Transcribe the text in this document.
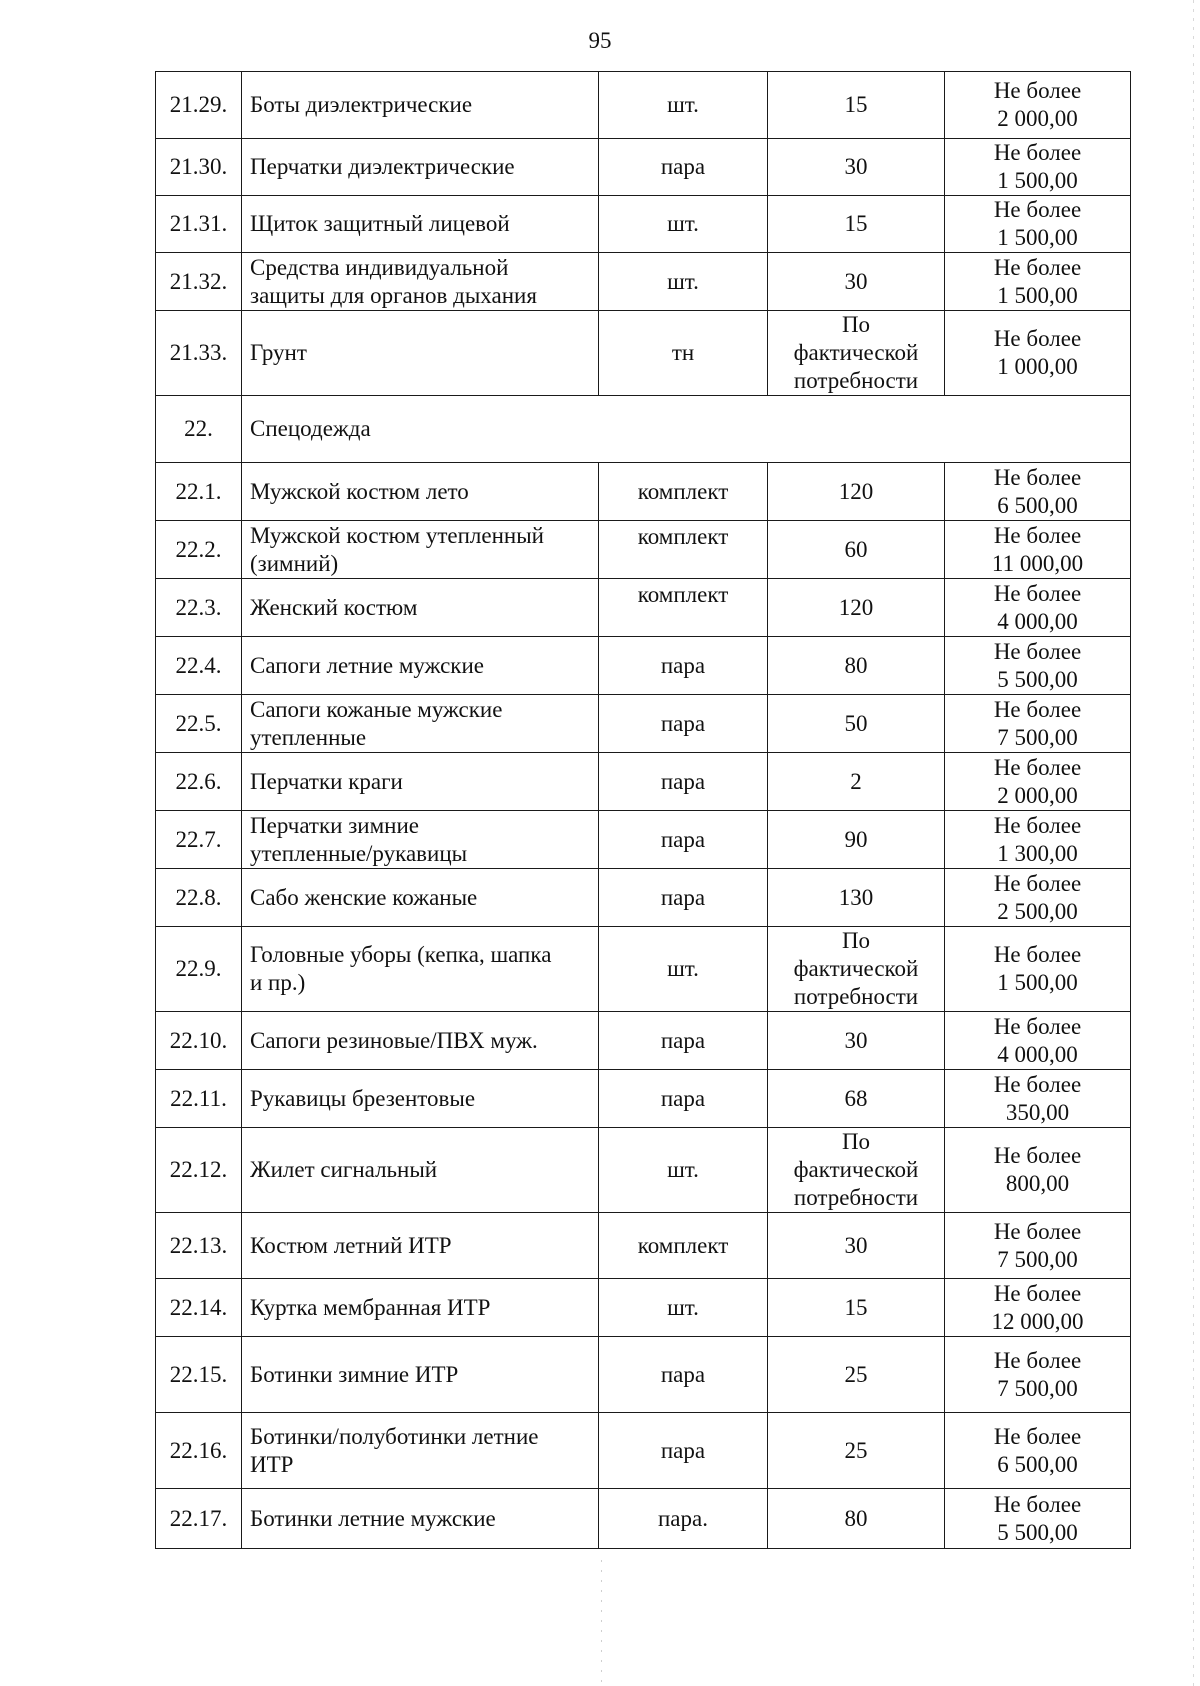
95
21.29.	Боты диэлектрические	шт.	15	Не более
2 000,00

21.30.	Перчатки диэлектрические	пара	30	Не более
1 500,00

21.31.	Щиток защитный лицевой	шт.	15	Не более
1 500,00

21.32.	Средства индивидуальной
защиты для органов дыхания	шт.	30	Не более
1 500,00

21.33.	Грунт	тн	По
фактической
потребности	Не более
1 000,00

22.	Спецодежда			

22.1.	Мужской костюм лето	комплект	120	Не более
6 500,00

22.2.	Мужской костюм утепленный
(зимний)	комплект	60	Не более
11 000,00

22.3.	Женский костюм	комплект	120	Не более
4 000,00

22.4.	Сапоги летние мужские	пара	80	Не более
5 500,00

22.5.	Сапоги кожаные мужские
утепленные	пара	50	Не более
7 500,00

22.6.	Перчатки краги	пара	2	Не более
2 000,00

22.7.	Перчатки зимние
утепленные/рукавицы	пара	90	Не более
1 300,00

22.8.	Сабо женские кожаные	пара	130	Не более
2 500,00

22.9.	Головные уборы (кепка, шапка
и пр.)	шт.	По
фактической
потребности	Не более
1 500,00

22.10.	Сапоги резиновые/ПВХ муж.	пара	30	Не более
4 000,00

22.11.	Рукавицы брезентовые	пара	68	Не более
350,00

22.12.	Жилет сигнальный	шт.	По
фактической
потребности	Не более
800,00

22.13.	Костюм летний ИТР	комплект	30	Не более
7 500,00

22.14.	Куртка мембранная ИТР	шт.	15	Не более
12 000,00

22.15.	Ботинки зимние ИТР	пара	25	Не более
7 500,00

22.16.	Ботинки/полуботинки летние
ИТР	пара	25	Не более
6 500,00

22.17.	Ботинки летние мужские	пара.	80	Не более
5 500,00
